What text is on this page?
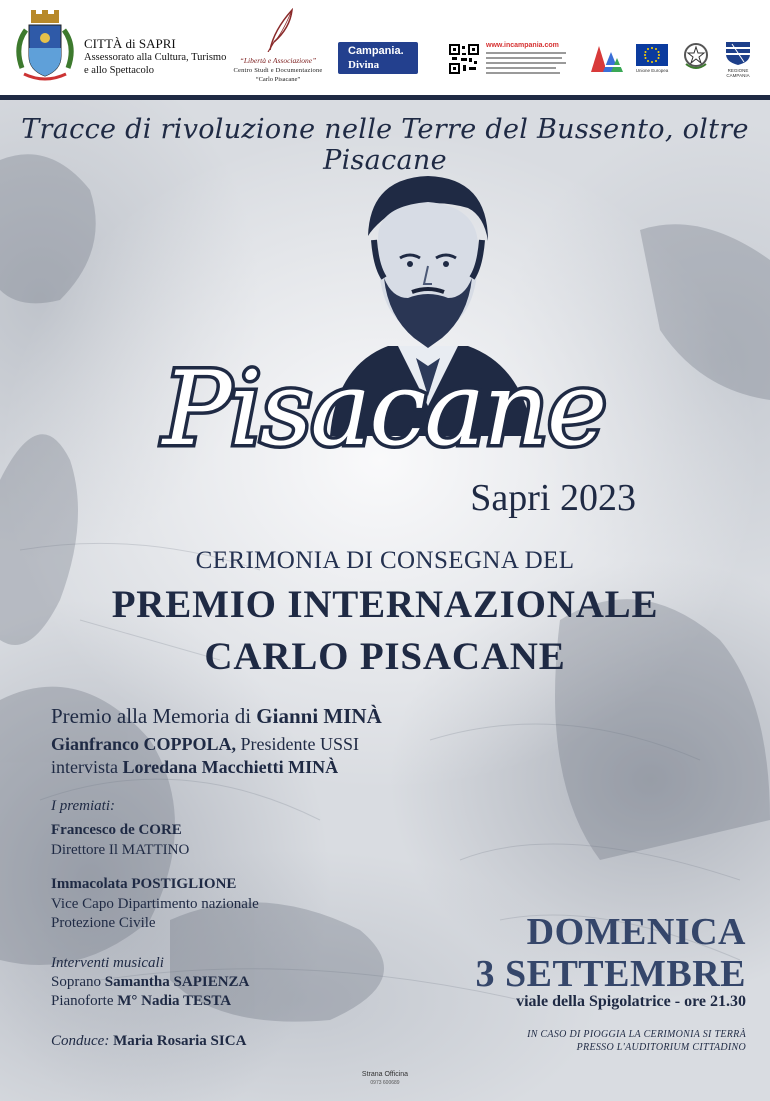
CITTÀ di SAPRI
Assessorato alla Cultura, Turismo
e allo Spettacolo
“Libertà e Associazione”
Centro Studi e Documentazione
“Carlo Pisacane”
Campania.
Divina
www.incampania.com
Unione Europea	REGIONE CAMPANIA
Tracce di rivoluzione nelle Terre del Bussento, oltre Pisacane
Pisacane
Sapri 2023
CERIMONIA DI CONSEGNA DEL
PREMIO INTERNAZIONALE
CARLO PISACANE
Premio alla Memoria di Gianni MINÀ
Gianfranco COPPOLA, Presidente USSI
intervista Loredana Macchietti MINÀ
I premiati:
Francesco de CORE
Direttore Il MATTINO
Immacolata POSTIGLIONE
Vice Capo Dipartimento nazionale
Protezione Civile
Interventi musicali
Soprano Samantha SAPIENZA
Pianoforte M° Nadia TESTA
Conduce: Maria Rosaria SICA
DOMENICA
3 SETTEMBRE
viale della Spigolatrice - ore 21.30
IN CASO DI PIOGGIA LA CERIMONIA SI TERRÀ
PRESSO L'AUDITORIUM CITTADINO
Strana Officina
0973 600689
